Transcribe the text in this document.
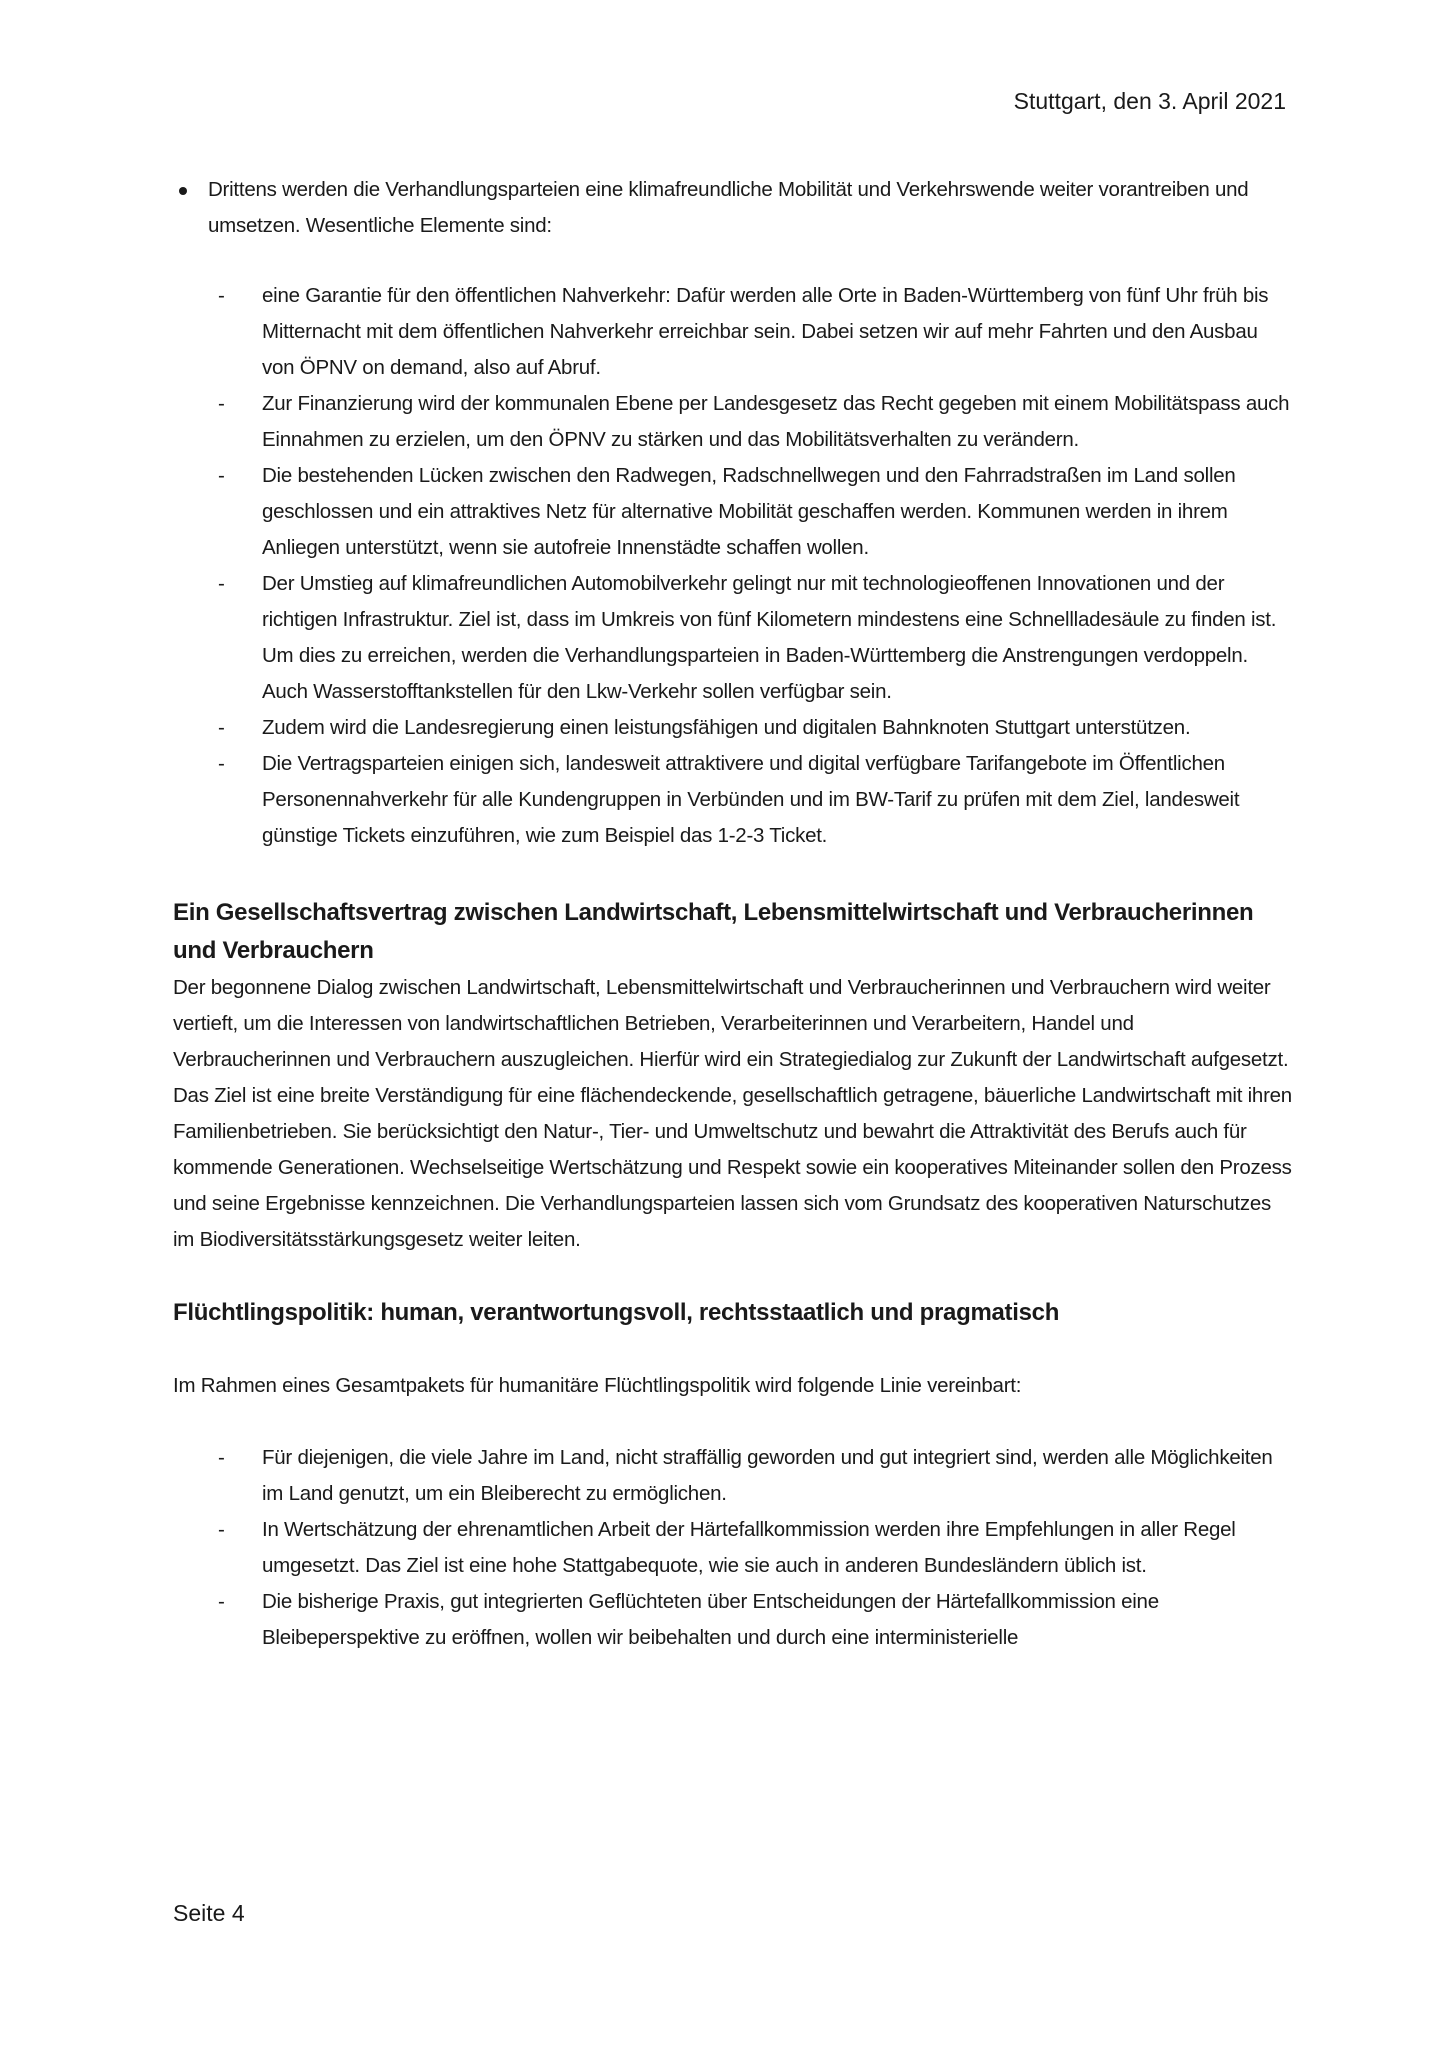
Stuttgart, den 3. April 2021
Drittens werden die Verhandlungsparteien eine klimafreundliche Mobilität und Verkehrswende weiter vorantreiben und umsetzen. Wesentliche Elemente sind:
- eine Garantie für den öffentlichen Nahverkehr: Dafür werden alle Orte in Baden-Württemberg von fünf Uhr früh bis Mitternacht mit dem öffentlichen Nahverkehr erreichbar sein. Dabei setzen wir auf mehr Fahrten und den Ausbau von ÖPNV on demand, also auf Abruf.
- Zur Finanzierung wird der kommunalen Ebene per Landesgesetz das Recht gegeben mit einem Mobilitätspass auch Einnahmen zu erzielen, um den ÖPNV zu stärken und das Mobilitätsverhalten zu verändern.
- Die bestehenden Lücken zwischen den Radwegen, Radschnellwegen und den Fahrradstraßen im Land sollen geschlossen und ein attraktives Netz für alternative Mobilität geschaffen werden. Kommunen werden in ihrem Anliegen unterstützt, wenn sie autofreie Innenstädte schaffen wollen.
- Der Umstieg auf klimafreundlichen Automobilverkehr gelingt nur mit technologieoffenen Innovationen und der richtigen Infrastruktur. Ziel ist, dass im Umkreis von fünf Kilometern mindestens eine Schnellladesäule zu finden ist. Um dies zu erreichen, werden die Verhandlungsparteien in Baden-Württemberg die Anstrengungen verdoppeln. Auch Wasserstofftankstellen für den Lkw-Verkehr sollen verfügbar sein.
- Zudem wird die Landesregierung einen leistungsfähigen und digitalen Bahnknoten Stuttgart unterstützen.
- Die Vertragsparteien einigen sich, landesweit attraktivere und digital verfügbare Tarifangebote im Öffentlichen Personennahverkehr für alle Kundengruppen in Verbünden und im BW-Tarif zu prüfen mit dem Ziel, landesweit günstige Tickets einzuführen, wie zum Beispiel das 1-2-3 Ticket.
Ein Gesellschaftsvertrag zwischen Landwirtschaft, Lebensmittelwirtschaft und Verbraucherinnen und Verbrauchern

Der begonnene Dialog zwischen Landwirtschaft, Lebensmittelwirtschaft und Verbraucherinnen und Verbrauchern wird weiter vertieft, um die Interessen von landwirtschaftlichen Betrieben, Verarbeiterinnen und Verarbeitern, Handel und Verbraucherinnen und Verbrauchern auszugleichen. Hierfür wird ein Strategiedialog zur Zukunft der Landwirtschaft aufgesetzt. Das Ziel ist eine breite Verständigung für eine flächendeckende, gesellschaftlich getragene, bäuerliche Landwirtschaft mit ihren Familienbetrieben. Sie berücksichtigt den Natur-, Tier- und Umweltschutz und bewahrt die Attraktivität des Berufs auch für kommende Generationen. Wechselseitige Wertschätzung und Respekt sowie ein kooperatives Miteinander sollen den Prozess und seine Ergebnisse kennzeichnen. Die Verhandlungsparteien lassen sich vom Grundsatz des kooperativen Naturschutzes im Biodiversitätsstärkungsgesetz weiter leiten.

Flüchtlingspolitik: human, verantwortungsvoll, rechtsstaatlich und pragmatisch

Im Rahmen eines Gesamtpakets für humanitäre Flüchtlingspolitik wird folgende Linie vereinbart:

- Für diejenigen, die viele Jahre im Land, nicht straffällig geworden und gut integriert sind, werden alle Möglichkeiten im Land genutzt, um ein Bleiberecht zu ermöglichen.
- In Wertschätzung der ehrenamtlichen Arbeit der Härtefallkommission werden ihre Empfehlungen in aller Regel umgesetzt. Das Ziel ist eine hohe Stattgabequote, wie sie auch in anderen Bundesländern üblich ist.
- Die bisherige Praxis, gut integrierten Geflüchteten über Entscheidungen der Härtefallkommission eine Bleibeperspektive zu eröffnen, wollen wir beibehalten und durch eine interministerielle
Seite 4
